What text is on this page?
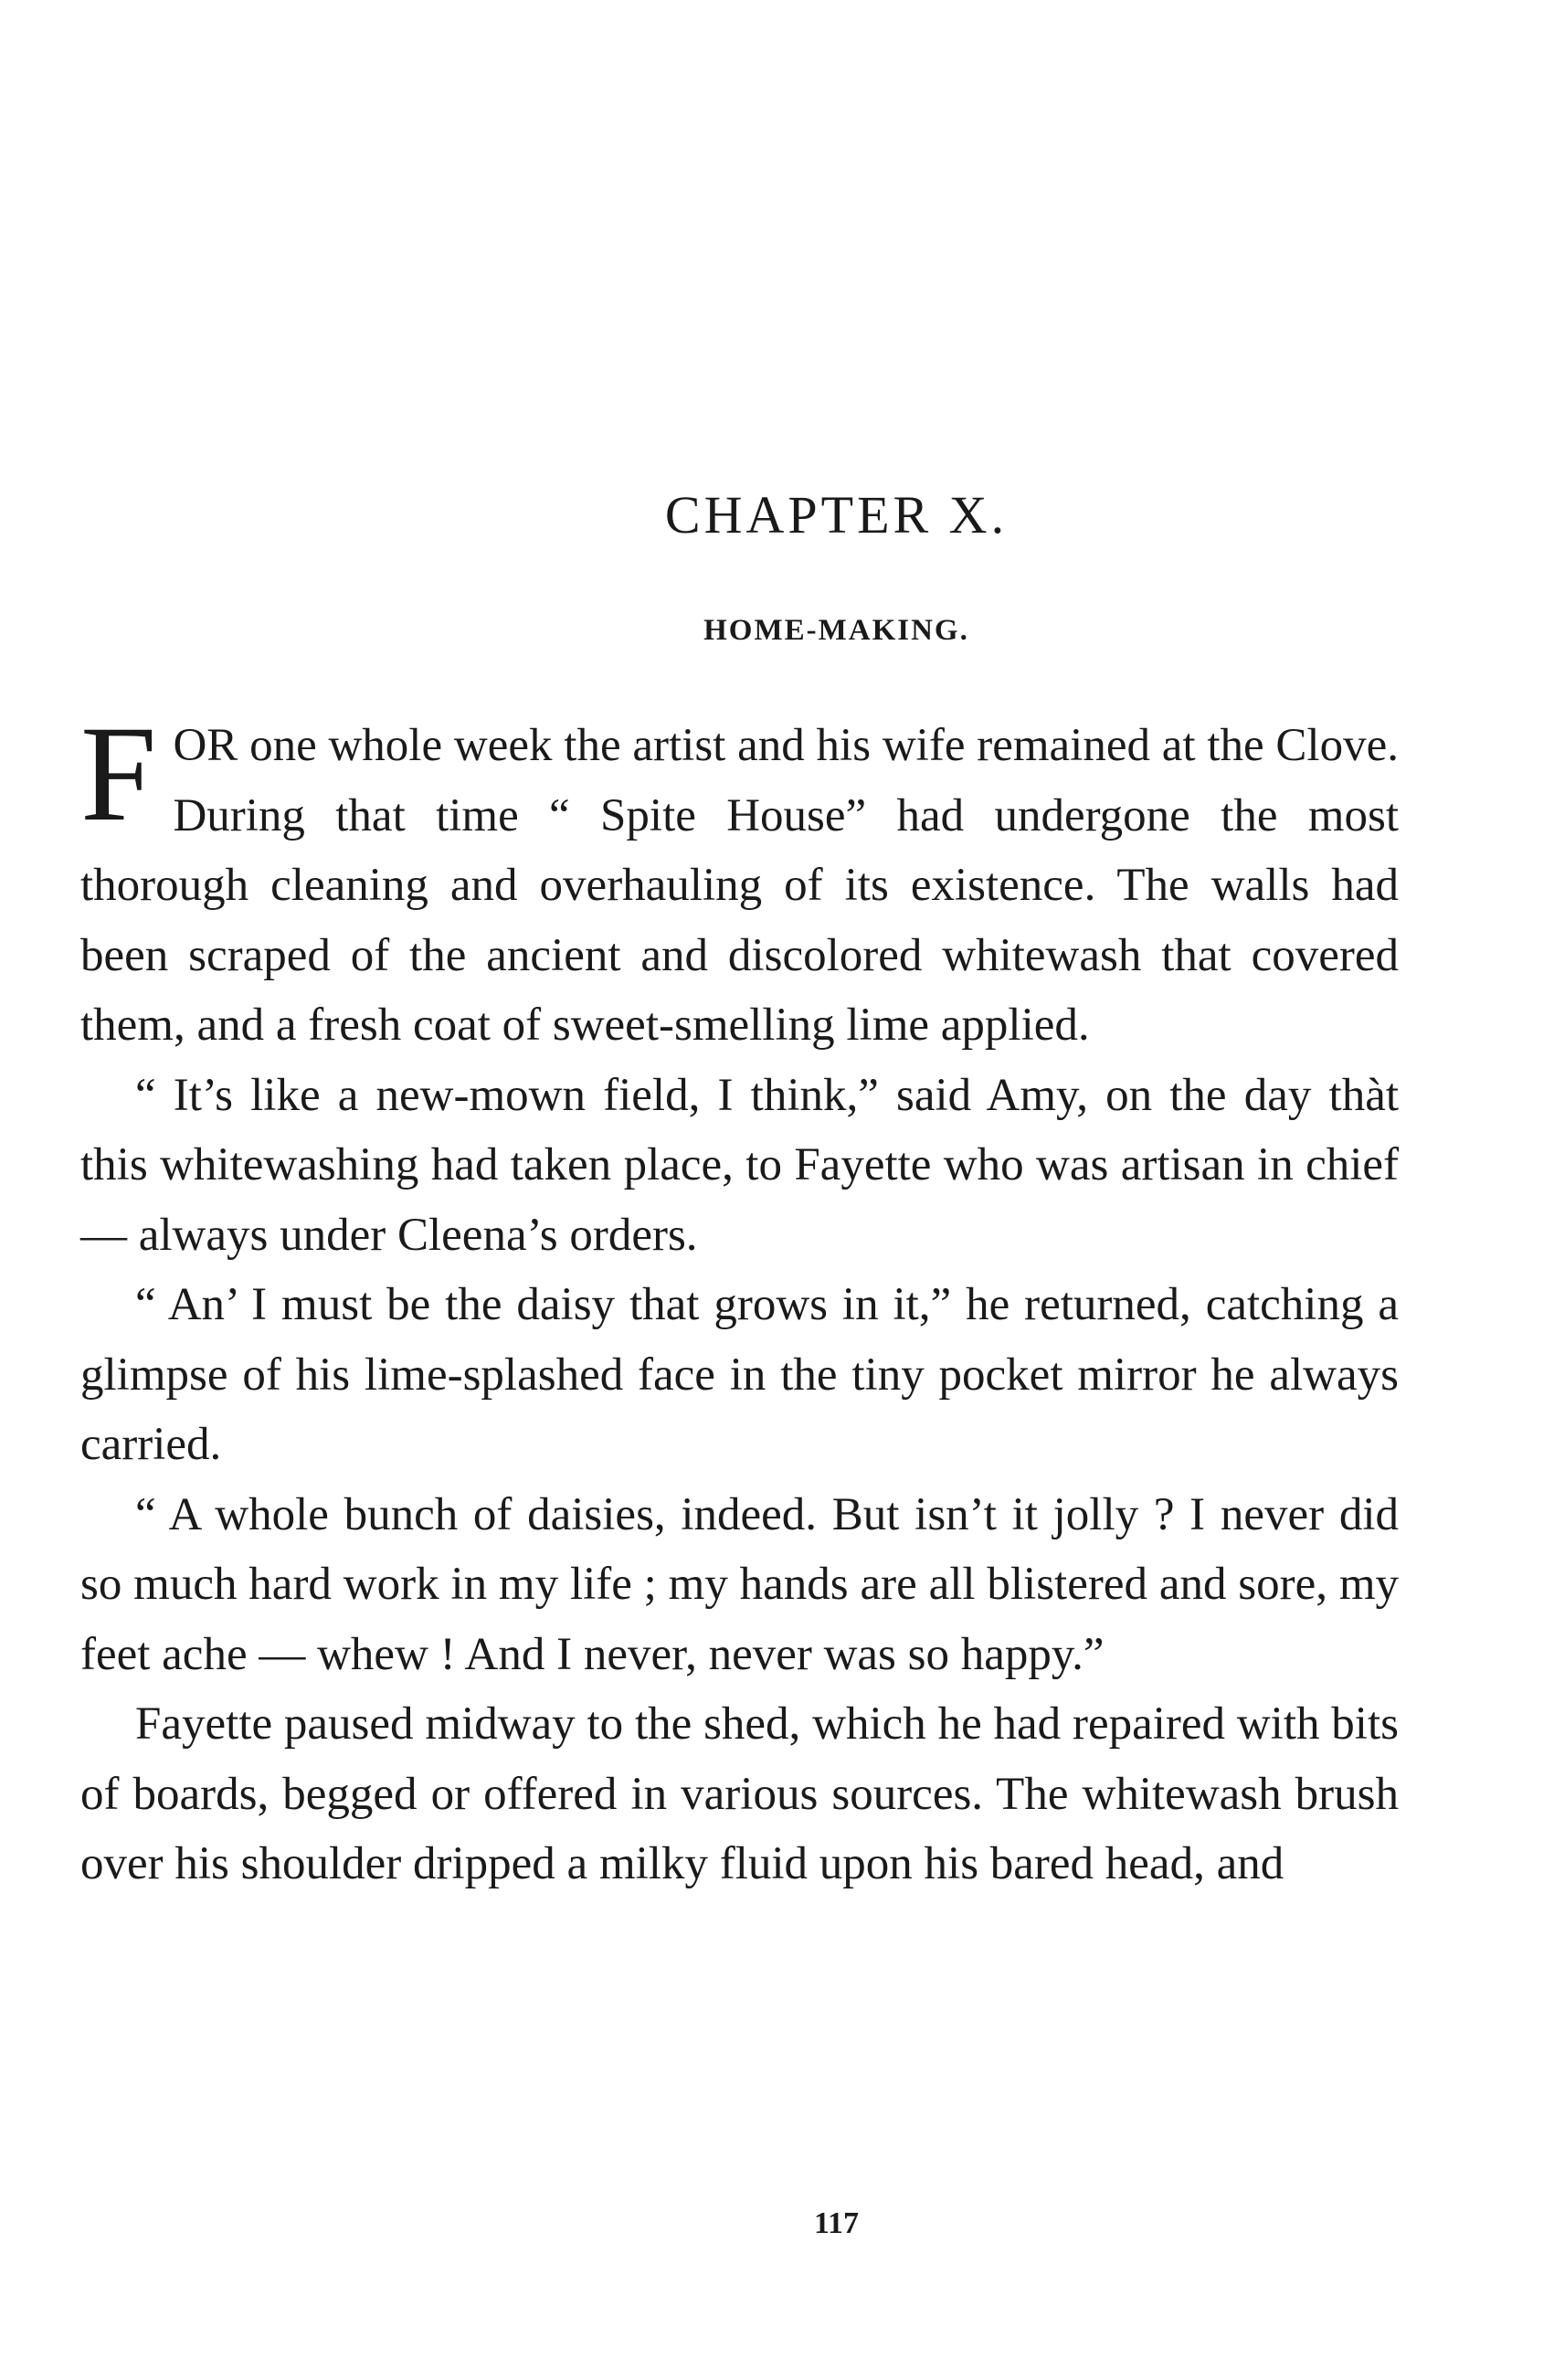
CHAPTER X.
HOME-MAKING.

FOR one whole week the artist and his wife remained at the Clove. During that time “ Spite House” had undergone the most thorough cleaning and overhauling of its existence. The walls had been scraped of the ancient and discolored whitewash that covered them, and a fresh coat of sweet-smelling lime applied.

“ It’s like a new-mown field, I think,” said Amy, on the day thàt this whitewashing had taken place, to Fayette who was artisan in chief — always under Cleena’s orders.

“ An’ I must be the daisy that grows in it,” he returned, catching a glimpse of his lime-splashed face in the tiny pocket mirror he always carried.

“ A whole bunch of daisies, indeed. But isn’t it jolly ? I never did so much hard work in my life ; my hands are all blistered and sore, my feet ache — whew ! And I never, never was so happy.”

Fayette paused midway to the shed, which he had repaired with bits of boards, begged or offered in various sources. The whitewash brush over his shoulder dripped a milky fluid upon his bared head, and

117
